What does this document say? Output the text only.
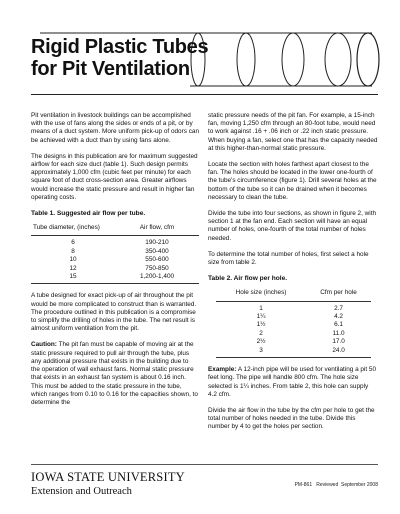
Rigid Plastic Tubes
for Pit Ventilation

Pit ventilation in livestock buildings can be accomplished with the use of fans along the sides or ends of a pit, or by means of a duct system. More uniform pick-up of odors can be achieved with a duct than by using fans alone.

The designs in this publication are for maximum suggested airflow for each size duct (table 1). Such design permits approximately 1,000 cfm (cubic feet per minute) for each square foot of duct cross-section area. Greater airflows would increase the static pressure and result in higher fan operating costs.

Table 1. Suggested air flow per tube.
Tube diameter, (inches)	Air flow, cfm
6	190-210
8	350-400
10	550-600
12	750-850
15	1,200-1,400

A tube designed for exact pick-up of air throughout the pit would be more complicated to construct than is warranted. The procedure outlined in this publication is a compromise to simplify the drilling of holes in the tube. The net result is almost uniform ventilation from the pit.

Caution: The pit fan must be capable of moving air at the static pressure required to pull air through the tube, plus any additional pressure that exists in the building due to the operation of wall exhaust fans. Normal static pressure that exists in an exhaust fan system is about 0.16 inch. This must be added to the static pressure in the tube, which ranges from 0.10 to 0.16 for the capacities shown, to determine the

static pressure needs of the pit fan. For example, a 15-inch fan, moving 1,250 cfm through an 80-foot tube, would need to work against .16 + .06 inch or .22 inch static pressure. When buying a fan, select one that has the capacity needed at this higher-than-normal static pressure.

Locate the section with holes farthest apart closest to the fan. The holes should be located in the lower one-fourth of the tube's circumference (figure 1). Drill several holes at the bottom of the tube so it can be drained when it becomes necessary to clean the tube.

Divide the tube into four sections, as shown in figure 2, with section 1 at the fan end. Each section will have an equal number of holes, one-fourth of the total number of holes needed.

To determine the total number of holes, first select a hole size from table 2.

Table 2. Air flow per hole.
Hole size (inches)	Cfm per hole
1	2.7
1¼	4.2
1½	6.1
2	11.0
2½	17.0
3	24.0

Example: A 12-inch pipe will be used for ventilating a pit 50 feet long. The pipe will handle 800 cfm. The hole size selected is 1¼ inches. From table 2, this hole can supply 4.2 cfm.

Divide the air flow in the tube by the cfm per hole to get the total number of holes needed in the tube. Divide this number by 4 to get the holes per section.

IOWA STATE UNIVERSITY
Extension and Outreach
PM-861 Reviewed  September 2008
